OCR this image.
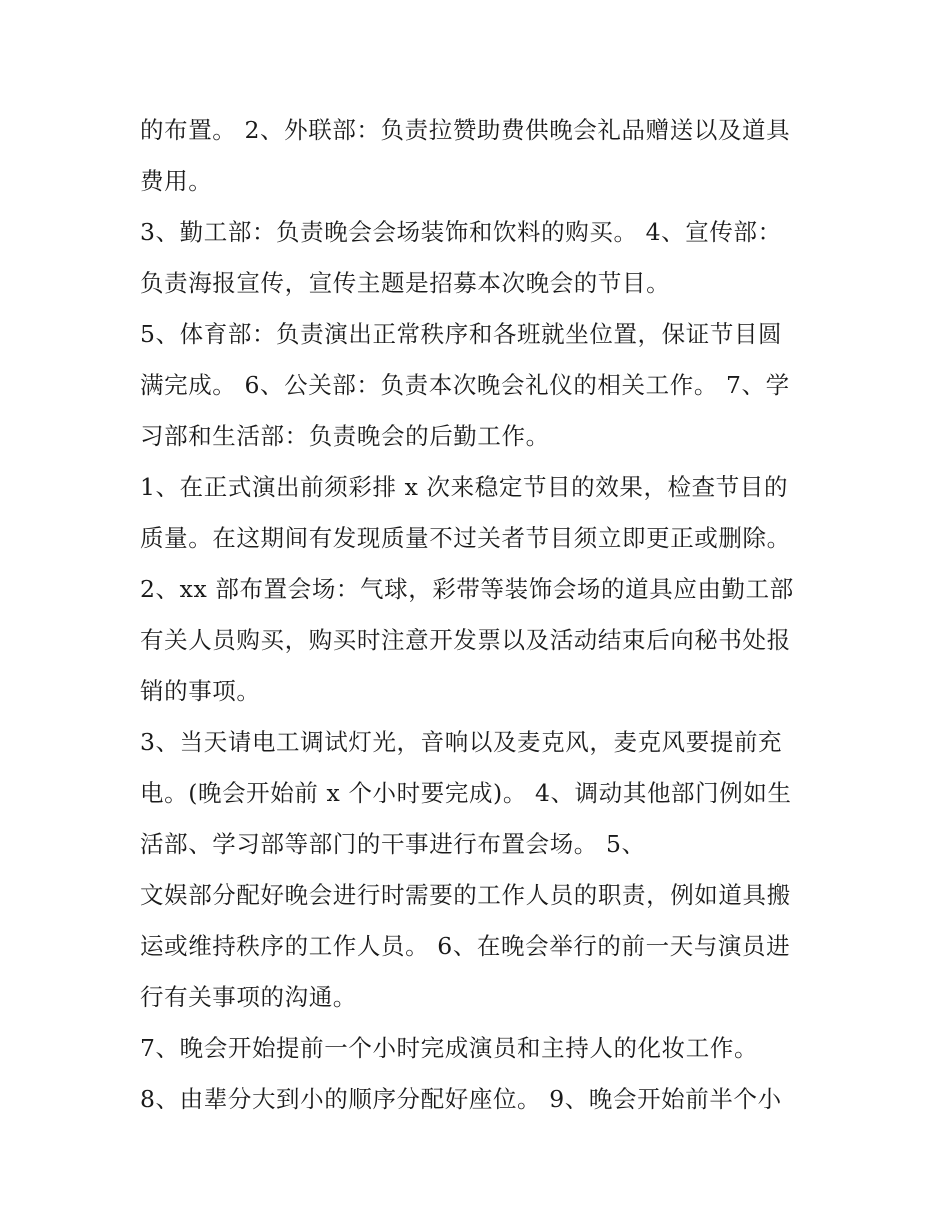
的布置。 2、外联部：负责拉赞助费供晚会礼品赠送以及道具
费用。
3、勤工部：负责晚会会场装饰和饮料的购买。 4、宣传部：
负责海报宣传，宣传主题是招募本次晚会的节目。
5、体育部：负责演出正常秩序和各班就坐位置，保证节目圆
满完成。 6、公关部：负责本次晚会礼仪的相关工作。 7、学
习部和生活部：负责晚会的后勤工作。
1、在正式演出前须彩排 x 次来稳定节目的效果，检查节目的
质量。在这期间有发现质量不过关者节目须立即更正或删除。
2、xx 部布置会场：气球，彩带等装饰会场的道具应由勤工部
有关人员购买，购买时注意开发票以及活动结束后向秘书处报
销的事项。
3、当天请电工调试灯光，音响以及麦克风，麦克风要提前充
电。(晚会开始前 x 个小时要完成)。 4、调动其他部门例如生
活部、学习部等部门的干事进行布置会场。 5、
文娱部分配好晚会进行时需要的工作人员的职责，例如道具搬
运或维持秩序的工作人员。 6、在晚会举行的前一天与演员进
行有关事项的沟通。
7、晚会开始提前一个小时完成演员和主持人的化妆工作。
8、由辈分大到小的顺序分配好座位。 9、晚会开始前半个小
